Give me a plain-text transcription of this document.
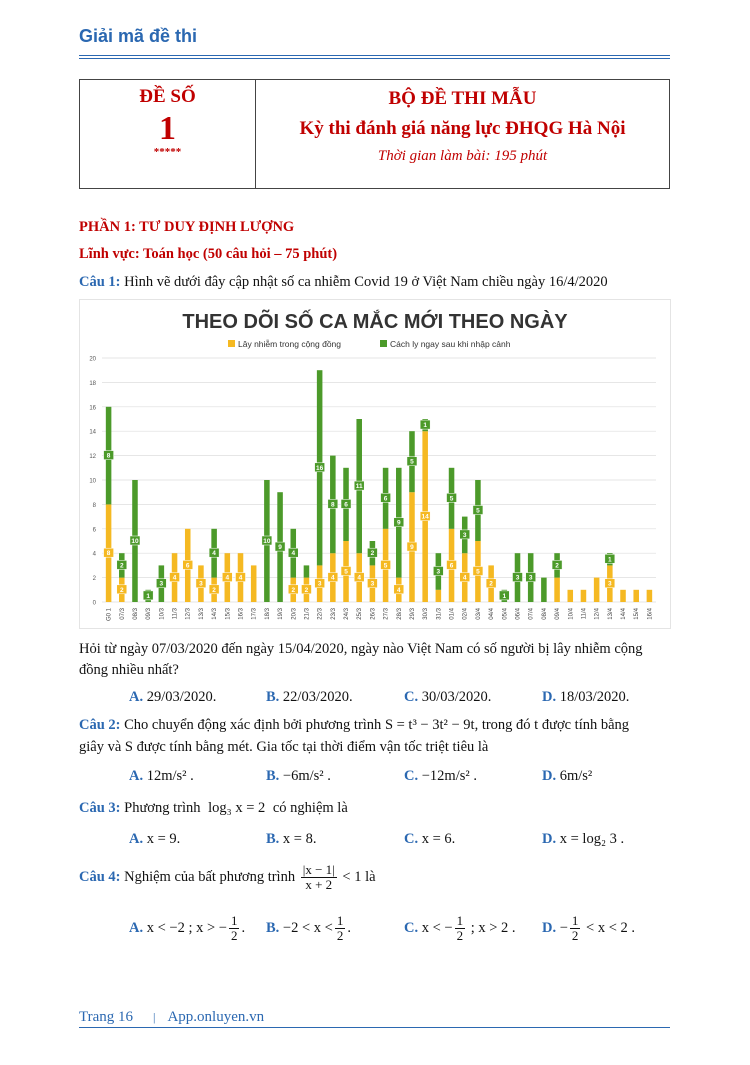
Giải mã đề thi
ĐỀ SỐ
1
*****
BỘ ĐỀ THI MẪU
Kỳ thi đánh giá năng lực ĐHQG Hà Nội
Thời gian làm bài: 195 phút
PHẦN 1: TƯ DUY ĐỊNH LƯỢNG
Lĩnh vực: Toán học (50 câu hỏi – 75 phút)
Câu 1: Hình vẽ dưới đây cập nhật số ca nhiễm Covid 19 ở Việt Nam chiều ngày 16/4/2020
THEO DÕI SỐ CA MẮC MỚI THEO NGÀY
Lây nhiễm trong cộng đồng	Cách ly ngay sau khi nhập cảnh
0
2
4
6
8
10
12
14
16
18
20
8
8
G0 1
2
2
07/3
10
08/3
1
09/3
3
10/3
4
11/3
6
12/3
3
13/3
2
4
14/3
4
15/3
4
16/3 17/3
10
18/3
9
19/3
2
4
20/3
2
21/3
3
16
22/3
4
8
23/3
5
6
24/3
4
11
25/3
3
2
26/3
5
6
27/3
4
9
28/3
9
5
29/3
14
1
30/3
3
31/3
6
5
01/4
4
3
02/4
5
5
03/4
2
04/4
1
05/4
3
06/4
3
07/4 08/4
2
09/4 10/4 11/4 12/4
3
1
13/4 14/4 15/4 16/4
Hỏi từ ngày 07/03/2020 đến ngày 15/04/2020, ngày nào Việt Nam có số người bị lây nhiễm cộng đồng nhiều nhất?
A. 29/03/2020.	B. 22/03/2020.	C. 30/03/2020.	D. 18/03/2020.
Câu 2: Cho chuyển động xác định bởi phương trình S = t³ − 3t² − 9t, trong đó t được tính bằng
giây và S được tính bằng mét. Gia tốc tại thời điểm vận tốc triệt tiêu là
A. 12m/s² .	B. −6m/s² .	C. −12m/s² .	D. 6m/s²
Câu 3: Phương trình log₃ x = 2 có nghiệm là
A. x = 9.	B. x = 8.	C. x = 6.	D. x = log₂ 3 .
Câu 4: Nghiệm của bất phương trình $\frac{|x - 1|}{x + 2} < 1$ là
A. x < −2 ; x > − $\frac{1}{2}$ . B. $-2 < x < \frac{1}{2}$ .	C. x < − $\frac{1}{2}$ ; x > 2 . D. − $\frac{1}{2} < x < 2$ .
Trang 16 | App.onluyen.vn
